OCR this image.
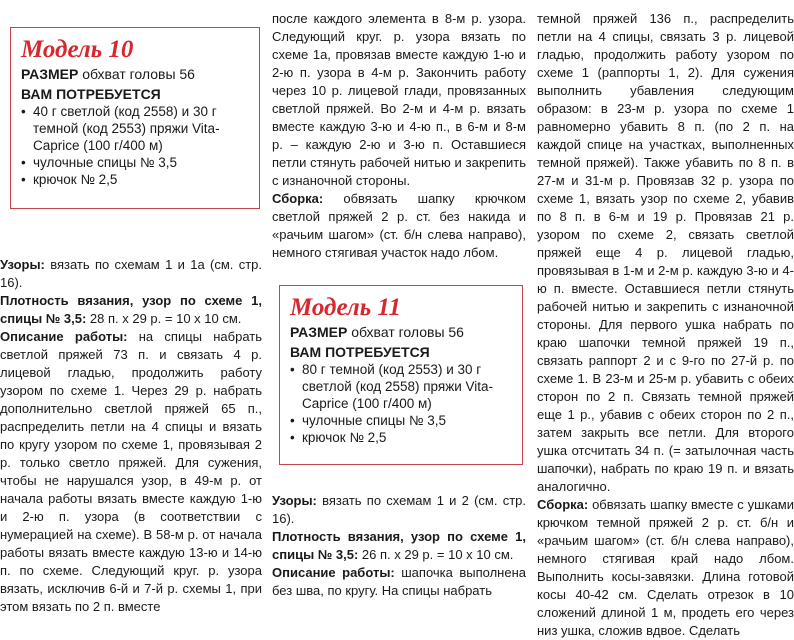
Модель 10

РАЗМЕР обхват головы 56

ВАМ ПОТРЕБУЕТСЯ

• 40 г светлой (код 2558) и 30 г темной (код 2553) пряжи Vita-Caprice (100 г/400 м)
• чулочные спицы № 3,5
• крючок № 2,5

Узоры: вязать по схемам 1 и 1а (см. стр. 16).

Плотность вязания, узор по схеме 1, спицы № 3,5: 28 п. х 29 р. = 10 х 10 см.

Описание работы: на спицы набрать светлой пряжей 73 п. и связать 4 р. лицевой гладью, продолжить работу узором по схеме 1. Через 29 р. набрать дополнительно светлой пряжей 65 п., распределить петли на 4 спицы и вязать по кругу узором по схеме 1, провязывая 2 р. только светло пряжей. Для сужения, чтобы не нарушался узор, в 49-м р. от начала работы вязать вместе каждую 1-ю и 2-ю п. узора (в соответствии с нумерацией на схеме). В 58-м р. от начала работы вязать вместе каждую 13-ю и 14-ю п. по схеме. Следующий круг. р. узора вязать, исключив 6-й и 7-й р. схемы 1, при этом вязать по 2 п. вместе

после каждого элемента в 8-м р. узора. Следующий круг. р. узора вязать по схеме 1а, провязав вместе каждую 1-ю и 2-ю п. узора в 4-м р. Закончить работу через 10 р. лицевой глади, провязанных светлой пряжей. Во 2-м и 4-м р. вязать вместе каждую 3-ю и 4-ю п., в 6-м и 8-м р. – каждую 2-ю и 3-ю п. Оставшиеся петли стянуть рабочей нитью и закрепить с изнаночной стороны.

Сборка: обвязать шапку крючком светлой пряжей 2 р. ст. без накида и «рачьим шагом» (ст. б/н слева направо), немного стягивая участок надо лбом.

Модель 11

РАЗМЕР обхват головы 56

ВАМ ПОТРЕБУЕТСЯ

• 80 г темной (код 2553) и 30 г светлой (код 2558) пряжи Vita-Caprice (100 г/400 м)
• чулочные спицы № 3,5
• крючок № 2,5

Узоры: вязать по схемам 1 и 2 (см. стр. 16).

Плотность вязания, узор по схеме 1, спицы № 3,5: 26 п. х 29 р. = 10 х 10 см.

Описание работы: шапочка выполнена без шва, по кругу. На спицы набрать

темной пряжей 136 п., распределить петли на 4 спицы, связать 3 р. лицевой гладью, продолжить работу узором по схеме 1 (раппорты 1, 2). Для сужения выполнить убавления следующим образом: в 23-м р. узора по схеме 1 равномерно убавить 8 п. (по 2 п. на каждой спице на участках, выполненных темной пряжей). Также убавить по 8 п. в 27-м и 31-м р. Провязав 32 р. узора по схеме 1, вязать узор по схеме 2, убавив по 8 п. в 6-м и 19 р. Провязав 21 р. узором по схеме 2, связать светлой пряжей еще 4 р. лицевой гладью, провязывая в 1-м и 2-м р. каждую 3-ю и 4-ю п. вместе. Оставшиеся петли стянуть рабочей нитью и закрепить с изнаночной стороны. Для первого ушка набрать по краю шапочки темной пряжей 19 п., связать раппорт 2 и с 9-го по 27-й р. по схеме 1. В 23-м и 25-м р. убавить с обеих сторон по 2 п. Связать темной пряжей еще 1 р., убавив с обеих сторон по 2 п., затем закрыть все петли. Для второго ушка отсчитать 34 п. (= затылочная часть шапочки), набрать по краю 19 п. и вязать аналогично.

Сборка: обвязать шапку вместе с ушками крючком темной пряжей 2 р. ст. б/н и «рачьим шагом» (ст. б/н слева направо), немного стягивая край надо лбом. Выполнить косы-завязки. Длина готовой косы 40-42 см. Сделать отрезок в 10 сложений длиной 1 м, продеть его через низ ушка, сложив вдвое. Сделать
